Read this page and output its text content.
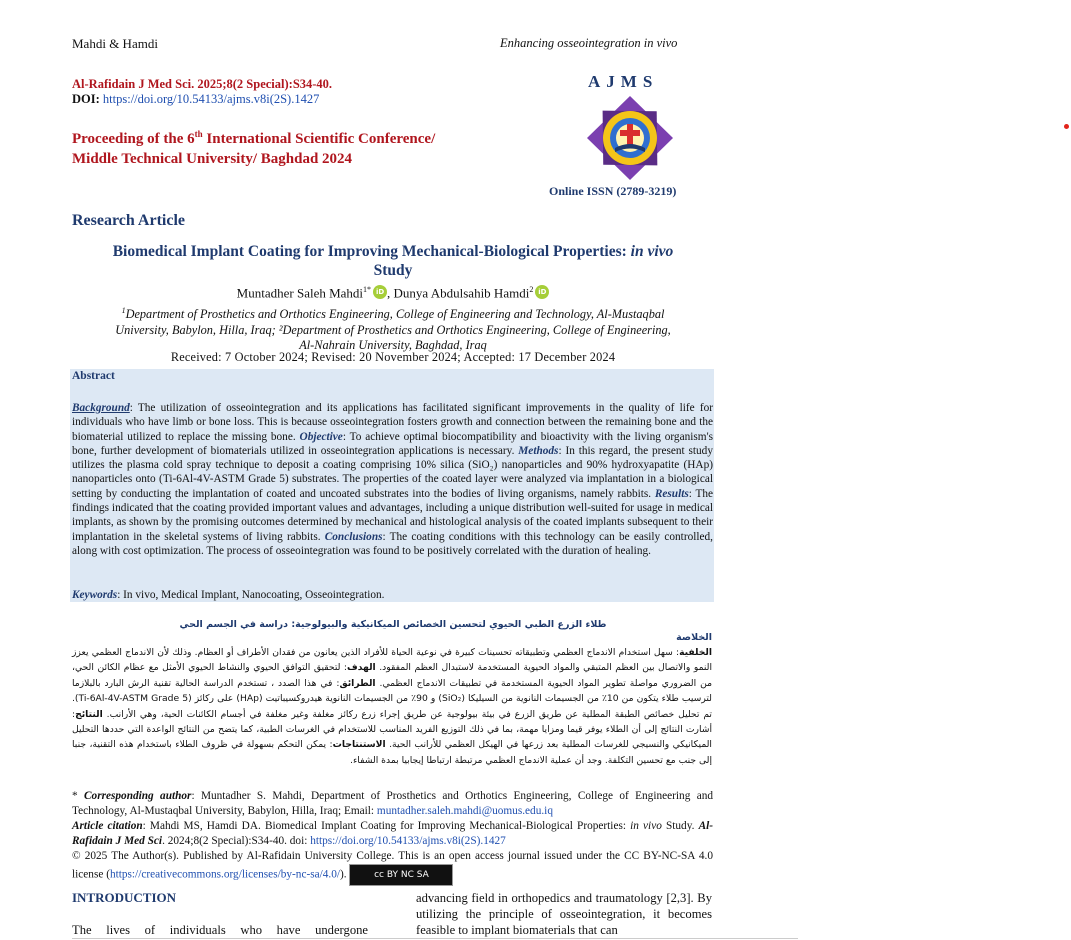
Mahdi & Hamdi	Enhancing osseointegration in vivo
Al-Rafidain J Med Sci. 2025;8(2 Special):S34-40.
DOI: https://doi.org/10.54133/ajms.v8i(2S).1427
Proceeding of the 6th International Scientific Conference/
Middle Technical University/ Baghdad 2024
AJMS
Online ISSN (2789-3219)
Research Article
Biomedical Implant Coating for Improving Mechanical-Biological Properties: in vivo
Study
Muntadher Saleh Mahdi$^{1*}$ iD , Dunya Abdulsahib Hamdi$^2$ iD
$^1$Department of Prosthetics and Orthotics Engineering, College of Engineering and Technology, Al-Mustaqbal
University, Babylon, Hilla, Iraq; ²Department of Prosthetics and Orthotics Engineering, College of Engineering,
Al-Nahrain University, Baghdad, Iraq
Received: 7 October 2024; Revised: 20 November 2024; Accepted: 17 December 2024
Abstract
Background: The utilization of osseointegration and its applications has facilitated significant improvements in the quality of life for individuals who have limb or bone loss. This is because osseointegration fosters growth and connection between the remaining bone and the biomaterial utilized to replace the missing bone. Objective: To achieve optimal biocompatibility and bioactivity with the living organism's bone, further development of biomaterials utilized in osseointegration applications is necessary. Methods: In this regard, the present study utilizes the plasma cold spray technique to deposit a coating comprising 10% silica (SiO₂) nanoparticles and 90% hydroxyapatite (HAp) nanoparticles onto (Ti-6Al-4V-ASTM Grade 5) substrates. The properties of the coated layer were analyzed via implantation in a biological setting by conducting the implantation of coated and uncoated substrates into the bodies of living organisms, namely rabbits. Results: The findings indicated that the coating provided important values and advantages, including a unique distribution well-suited for usage in medical implants, as shown by the promising outcomes determined by mechanical and histological analysis of the coated implants subsequent to their implantation in the skeletal systems of living rabbits. Conclusions: The coating conditions with this technology can be easily controlled, along with cost optimization. The process of osseointegration was found to be positively correlated with the duration of healing.
Keywords: In vivo, Medical Implant, Nanocoating, Osseointegration.
طلاء الزرع الطبي الحيوي لتحسين الخصائص الميكانيكية والبيولوجية: دراسة في الجسم الحي
الخلاصة
الخلفية: سهل استخدام الاندماج العظمي وتطبيقاته تحسينات كبيرة في نوعية الحياة للأفراد الذين يعانون من فقدان الأطراف أو العظام. وذلك لأن الاندماج العظمي يعزز النمو والاتصال بين العظم المتبقي والمواد الحيوية المستخدمة لاستبدال العظم المفقود. الهدف: لتحقيق التوافق الحيوي والنشاط الحيوي الأمثل مع عظام الكائن الحي، من الضروري مواصلة تطوير المواد الحيوية المستخدمة في تطبيقات الاندماج العظمي. الطرائق: في هذا الصدد ، تستخدم الدراسة الحالية تقنية الرش البارد بالبلازما لترسيب طلاء يتكون من 10٪ من الجسيمات النانوية من السيليكا (SiO₂) و 90٪ من الجسيمات النانوية هيدروكسيباتيت (HAp) على ركائز (Ti-6Al-4V-ASTM Grade 5). تم تحليل خصائص الطبقة المطلية عن طريق الزرع في بيئة بيولوجية عن طريق إجراء زرع ركائز مغلفة وغير مغلفة في أجسام الكائنات الحية، وهي الأرانب. النتائج: أشارت النتائج إلى أن الطلاء يوفر قيما ومزايا مهمة، بما في ذلك التوزيع الفريد المناسب للاستخدام في الغرسات الطبية، كما يتضح من النتائج الواعدة التي حددها التحليل الميكانيكي والنسيجي للغرسات المطلية بعد زرعها في الهيكل العظمي للأرانب الحية. الاستنتاجات: يمكن التحكم بسهولة في ظروف الطلاء باستخدام هذه التقنية، جنبا إلى جنب مع تحسين التكلفة. وجد أن عملية الاندماج العظمي مرتبطة ارتباطا إيجابيا بمدة الشفاء.
* Corresponding author: Muntadher S. Mahdi, Department of Prosthetics and Orthotics Engineering, College of Engineering and Technology, Al-Mustaqbal University, Babylon, Hilla, Iraq; Email: muntadher.saleh.mahdi@uomus.edu.iq
Article citation: Mahdi MS, Hamdi DA. Biomedical Implant Coating for Improving Mechanical-Biological Properties: in vivo Study. Al-Rafidain J Med Sci. 2024;8(2 Special):S34-40. doi: https://doi.org/10.54133/ajms.v8i(2S).1427
© 2025 The Author(s). Published by Al-Rafidain University College. This is an open access journal issued under the CC BY-NC-SA 4.0 license (https://creativecommons.org/licenses/by-nc-sa/4.0/).	cc BY NC SA
INTRODUCTION
The lives of individuals who have undergone
advancing field in orthopedics and traumatology [2,3]. By utilizing the principle of osseointegration, it becomes feasible to implant biomaterials that can
